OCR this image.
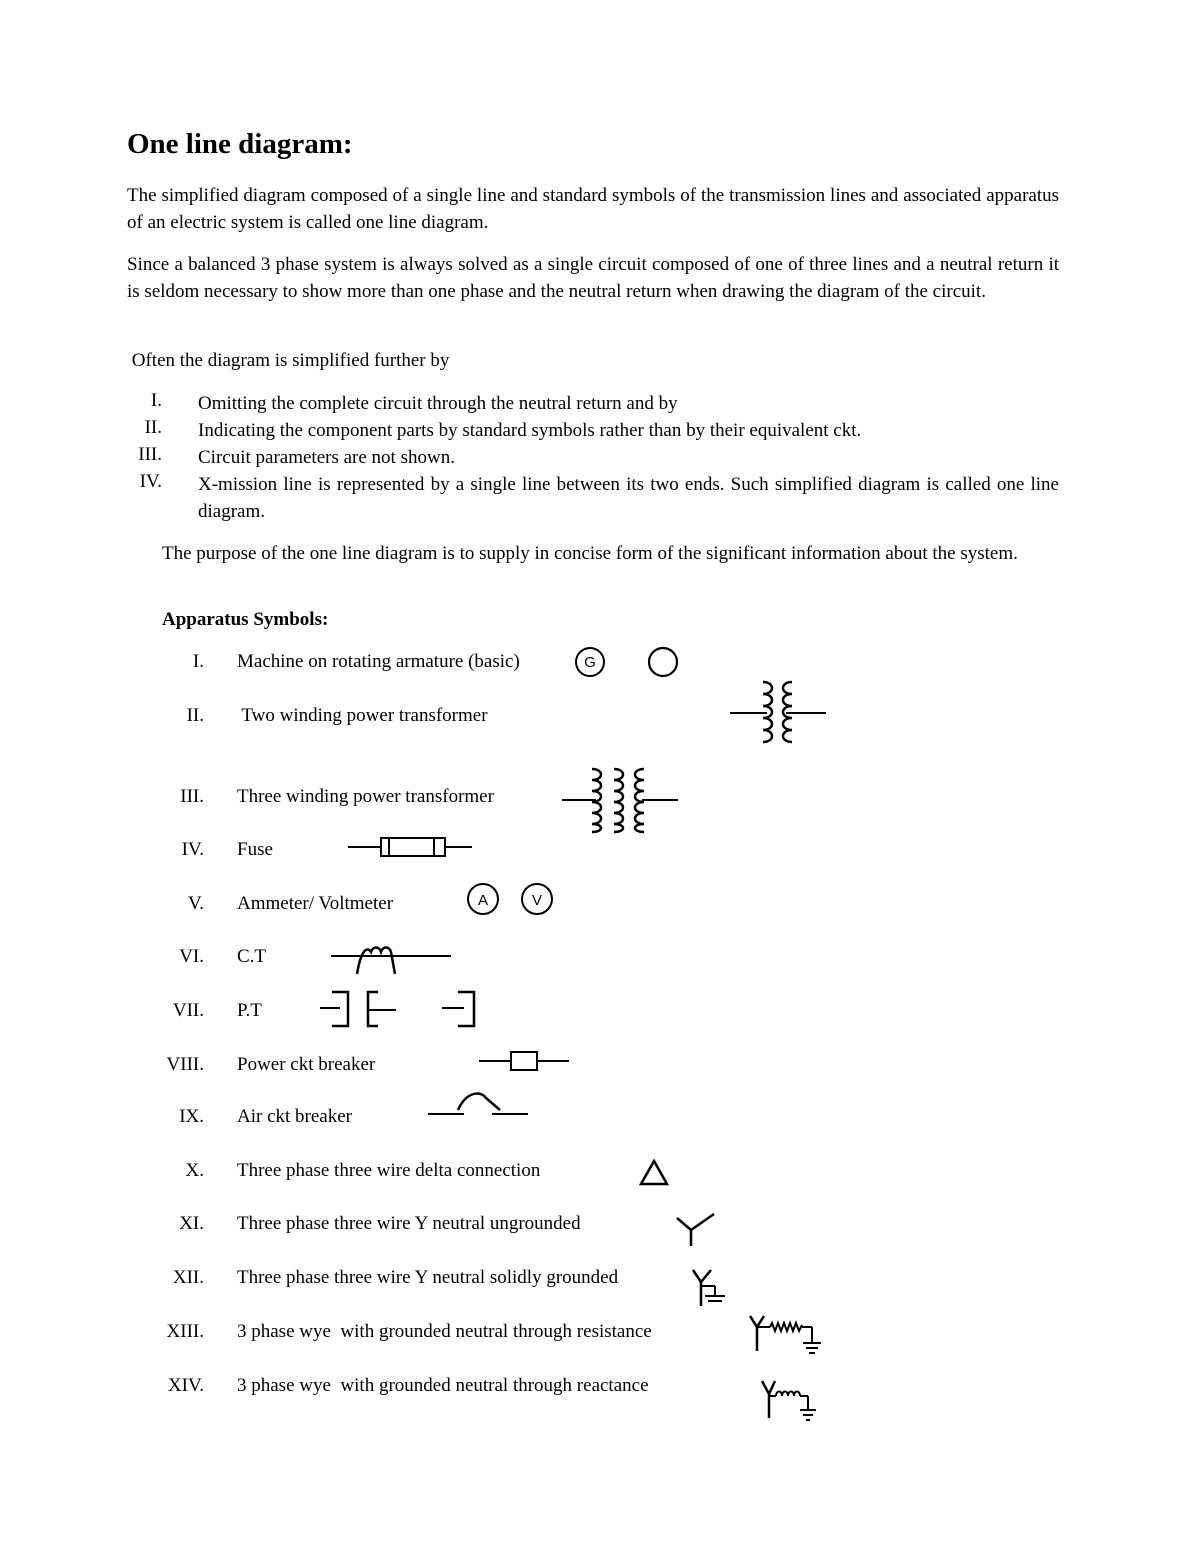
One line diagram:

The simplified diagram composed of a single line and standard symbols of the transmission lines and associated apparatus of an electric system is called one line diagram.

Since a balanced 3 phase system is always solved as a single circuit composed of one of three lines and a neutral return it is seldom necessary to show more than one phase and the neutral return when drawing the diagram of the circuit.

Often the diagram is simplified further by

I. Omitting the complete circuit through the neutral return and by
II. Indicating the component parts by standard symbols rather than by their equivalent ckt.
III. Circuit parameters are not shown.
IV. X-mission line is represented by a single line between its two ends. Such simplified diagram is called one line diagram.

The purpose of the one line diagram is to supply in concise form of the significant information about the system.

Apparatus Symbols:
I. Machine on rotating armature (basic)
II. Two winding power transformer
III. Three winding power transformer
IV. Fuse
V. Ammeter/ Voltmeter
VI. C.T
VII. P.T
VIII. Power ckt breaker
IX. Air ckt breaker
X. Three phase three wire delta connection
XI. Three phase three wire Y neutral ungrounded
XII. Three phase three wire Y neutral solidly grounded
XIII. 3 phase wye  with grounded neutral through resistance
XIV. 3 phase wye  with grounded neutral through reactance
G
A	V
